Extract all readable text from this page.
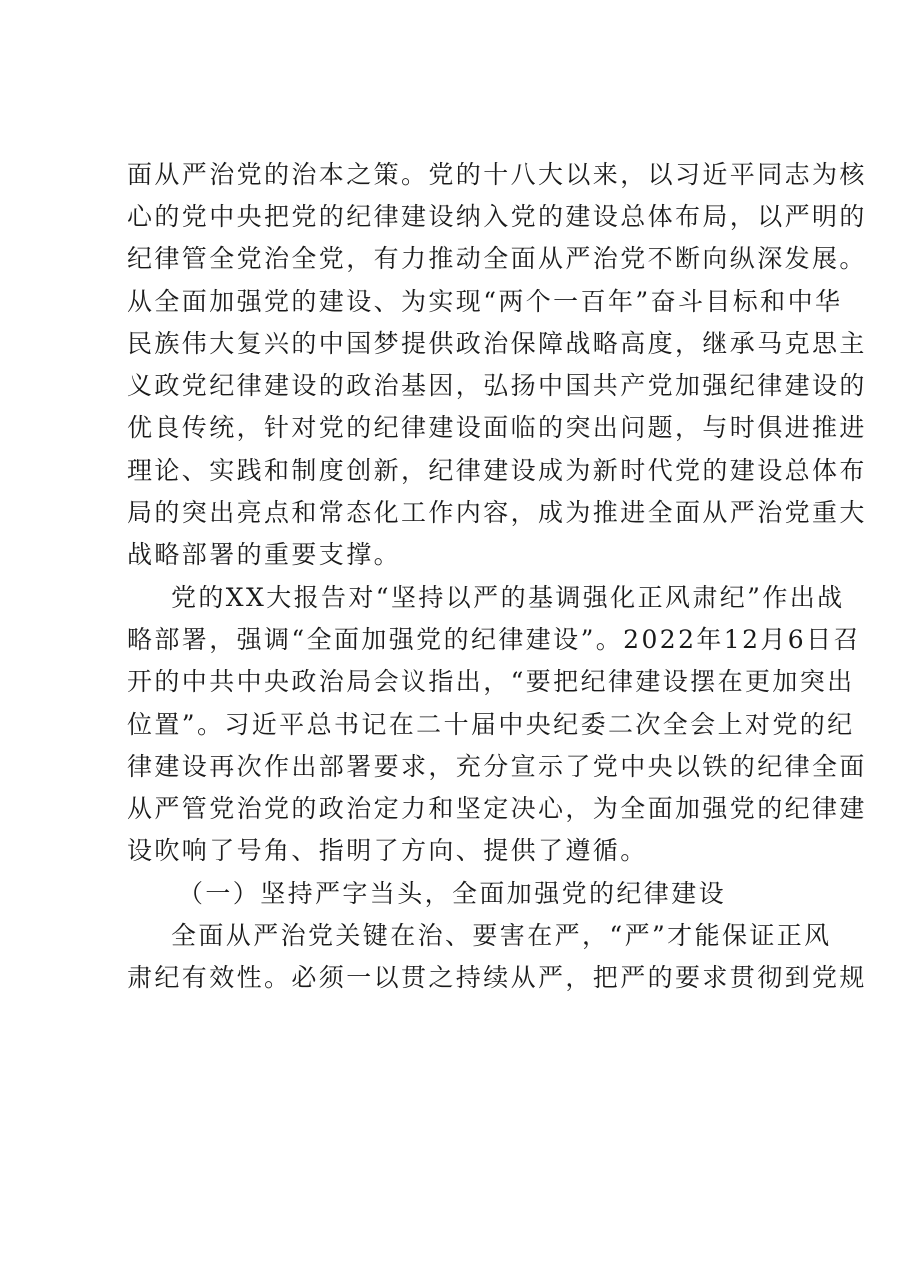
面从严治党的治本之策。党的十八大以来，以习近平同志为核
心的党中央把党的纪律建设纳入党的建设总体布局，以严明的
纪律管全党治全党，有力推动全面从严治党不断向纵深发展。
从全面加强党的建设、为实现“两个一百年”奋斗目标和中华
民族伟大复兴的中国梦提供政治保障战略高度，继承马克思主
义政党纪律建设的政治基因，弘扬中国共产党加强纪律建设的
优良传统，针对党的纪律建设面临的突出问题，与时俱进推进
理论、实践和制度创新，纪律建设成为新时代党的建设总体布
局的突出亮点和常态化工作内容，成为推进全面从严治党重大
战略部署的重要支撑。
党的XX大报告对“坚持以严的基调强化正风肃纪”作出战
略部署，强调“全面加强党的纪律建设”。2022年12月6日召
开的中共中央政治局会议指出，“要把纪律建设摆在更加突出
位置”。习近平总书记在二十届中央纪委二次全会上对党的纪
律建设再次作出部署要求，充分宣示了党中央以铁的纪律全面
从严管党治党的政治定力和坚定决心，为全面加强党的纪律建
设吹响了号角、指明了方向、提供了遵循。
（一）坚持严字当头，全面加强党的纪律建设
全面从严治党关键在治、要害在严，“严”才能保证正风
肃纪有效性。必须一以贯之持续从严，把严的要求贯彻到党规
